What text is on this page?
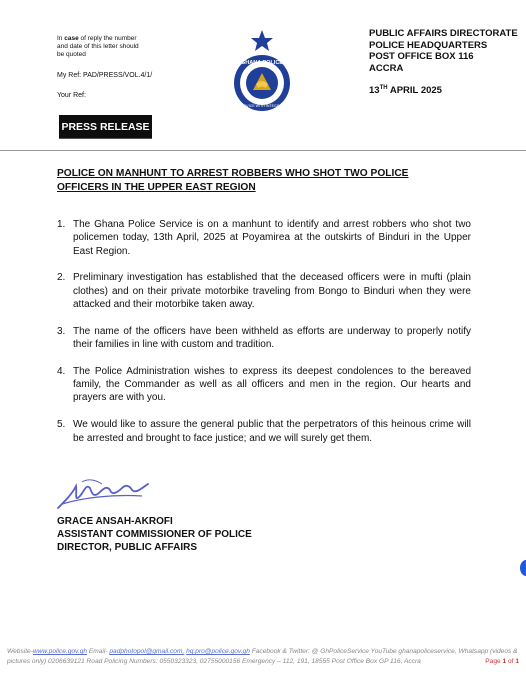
In case of reply the number and date of this letter should be quoted
My Ref: PAD/PRESS/VOL.4/1/
Your Ref:
GHANA POLICE
SERVICE WITH INTEGRITY
PUBLIC AFFAIRS DIRECTORATE
POLICE HEADQUARTERS
POST OFFICE BOX 116
ACCRA
13TH APRIL 2025
PRESS RELEASE
POLICE ON MANHUNT TO ARREST ROBBERS WHO SHOT TWO POLICE OFFICERS IN THE UPPER EAST REGION
1. The Ghana Police Service is on a manhunt to identify and arrest robbers who shot two policemen today, 13th April, 2025 at Poyamirea at the outskirts of Binduri in the Upper East Region.
2. Preliminary investigation has established that the deceased officers were in mufti (plain clothes) and on their private motorbike traveling from Bongo to Binduri when they were attacked and their motorbike taken away.
3. The name of the officers have been withheld as efforts are underway to properly notify their families in line with custom and tradition.
4. The Police Administration wishes to express its deepest condolences to the bereaved family, the Commander as well as all officers and men in the region. Our hearts and prayers are with you.
5. We would like to assure the general public that the perpetrators of this heinous crime will be arrested and brought to face justice; and we will surely get them.
GRACE ANSAH-AKROFI
ASSISTANT COMMISSIONER OF POLICE
DIRECTOR, PUBLIC AFFAIRS
Website-www.police.gov.gh Email- padphotopol@gmail.com, hq.pro@police.gov.gh Facebook & Twitter: @ GhPoliceService YouTube ghanapoliceservice, Whatsapp (videos & pictures only) 0206639121 Road Policing Numbers: 0550323323, 02755000156 Emergency – 112, 191, 18555 Post Office Box GP 116, Accra	Page 1 of 1
